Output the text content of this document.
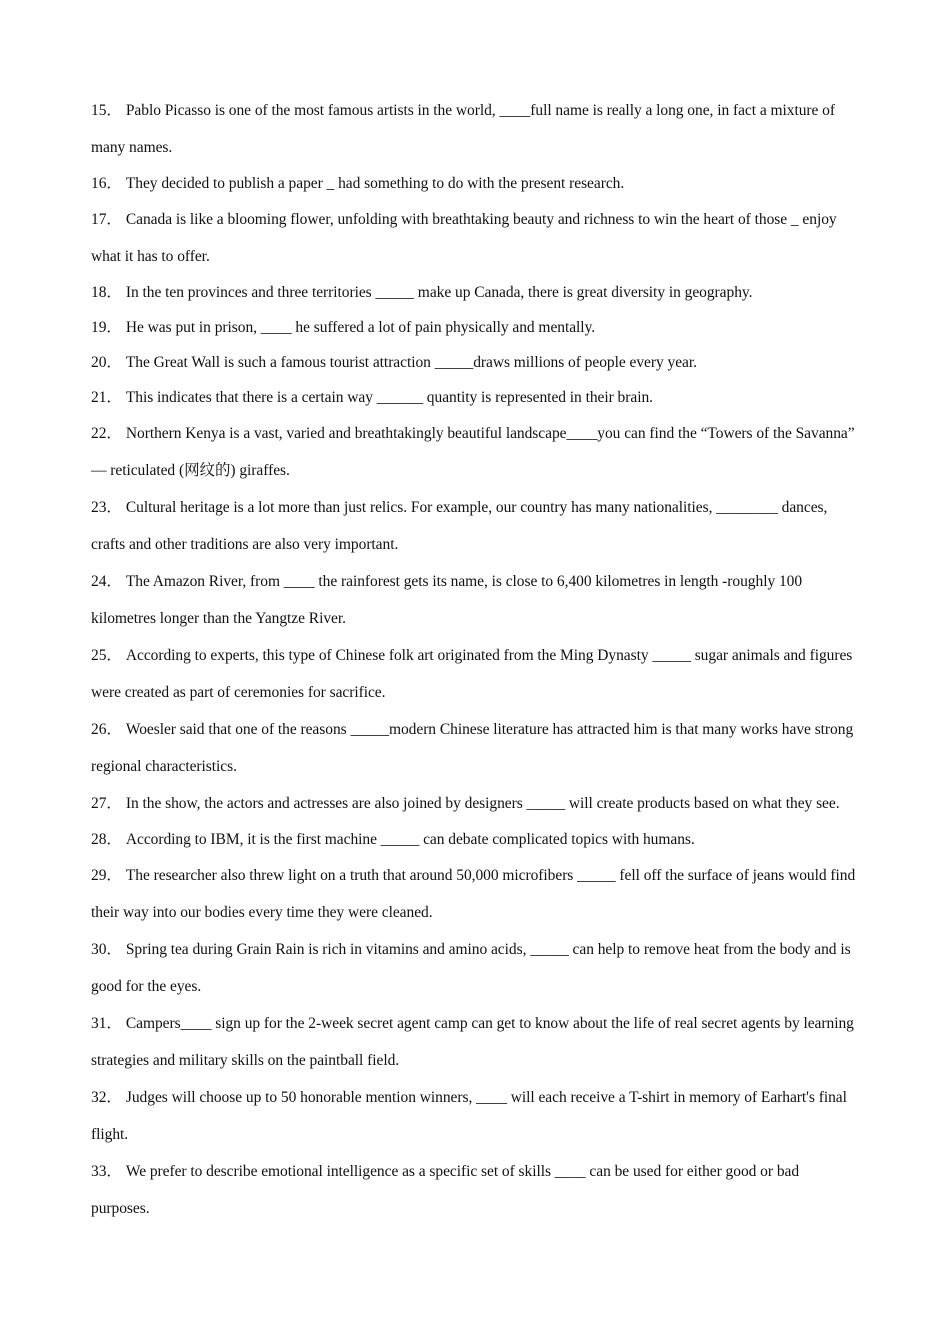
15． Pablo Picasso is one of the most famous artists in the world, ____full name is really a long one, in fact a mixture of many names.

16． They decided to publish a paper _ had something to do with the present research.

17． Canada is like a blooming flower, unfolding with breathtaking beauty and richness to win the heart of those _ enjoy what it has to offer.

18． In the ten provinces and three territories _____ make up Canada, there is great diversity in geography.

19． He was put in prison, ____ he suffered a lot of pain physically and mentally.

20． The Great Wall is such a famous tourist attraction _____draws millions of people every year.

21． This indicates that there is a certain way ______ quantity is represented in their brain.

22． Northern Kenya is a vast, varied and breathtakingly beautiful landscape____you can find the “Towers of the Savanna” — reticulated (网纹的) giraffes.

23． Cultural heritage is a lot more than just relics. For example, our country has many nationalities, ________ dances, crafts and other traditions are also very important.

24． The Amazon River, from ____ the rainforest gets its name, is close to 6,400 kilometres in length -roughly 100 kilometres longer than the Yangtze River.

25． According to experts, this type of Chinese folk art originated from the Ming Dynasty _____ sugar animals and figures were created as part of ceremonies for sacrifice.

26． Woesler said that one of the reasons _____modern Chinese literature has attracted him is that many works have strong regional characteristics.

27． In the show, the actors and actresses are also joined by designers _____ will create products based on what they see.

28． According to IBM, it is the first machine _____ can debate complicated topics with humans.

29． The researcher also threw light on a truth that around 50,000 microfibers _____ fell off the surface of jeans would find their way into our bodies every time they were cleaned.

30． Spring tea during Grain Rain is rich in vitamins and amino acids, _____ can help to remove heat from the body and is good for the eyes.

31． Campers____ sign up for the 2-week secret agent camp can get to know about the life of real secret agents by learning strategies and military skills on the paintball field.

32． Judges will choose up to 50 honorable mention winners, ____ will each receive a T-shirt in memory of Earhart's final flight.

33． We prefer to describe emotional intelligence as a specific set of skills ____ can be used for either good or bad purposes.
